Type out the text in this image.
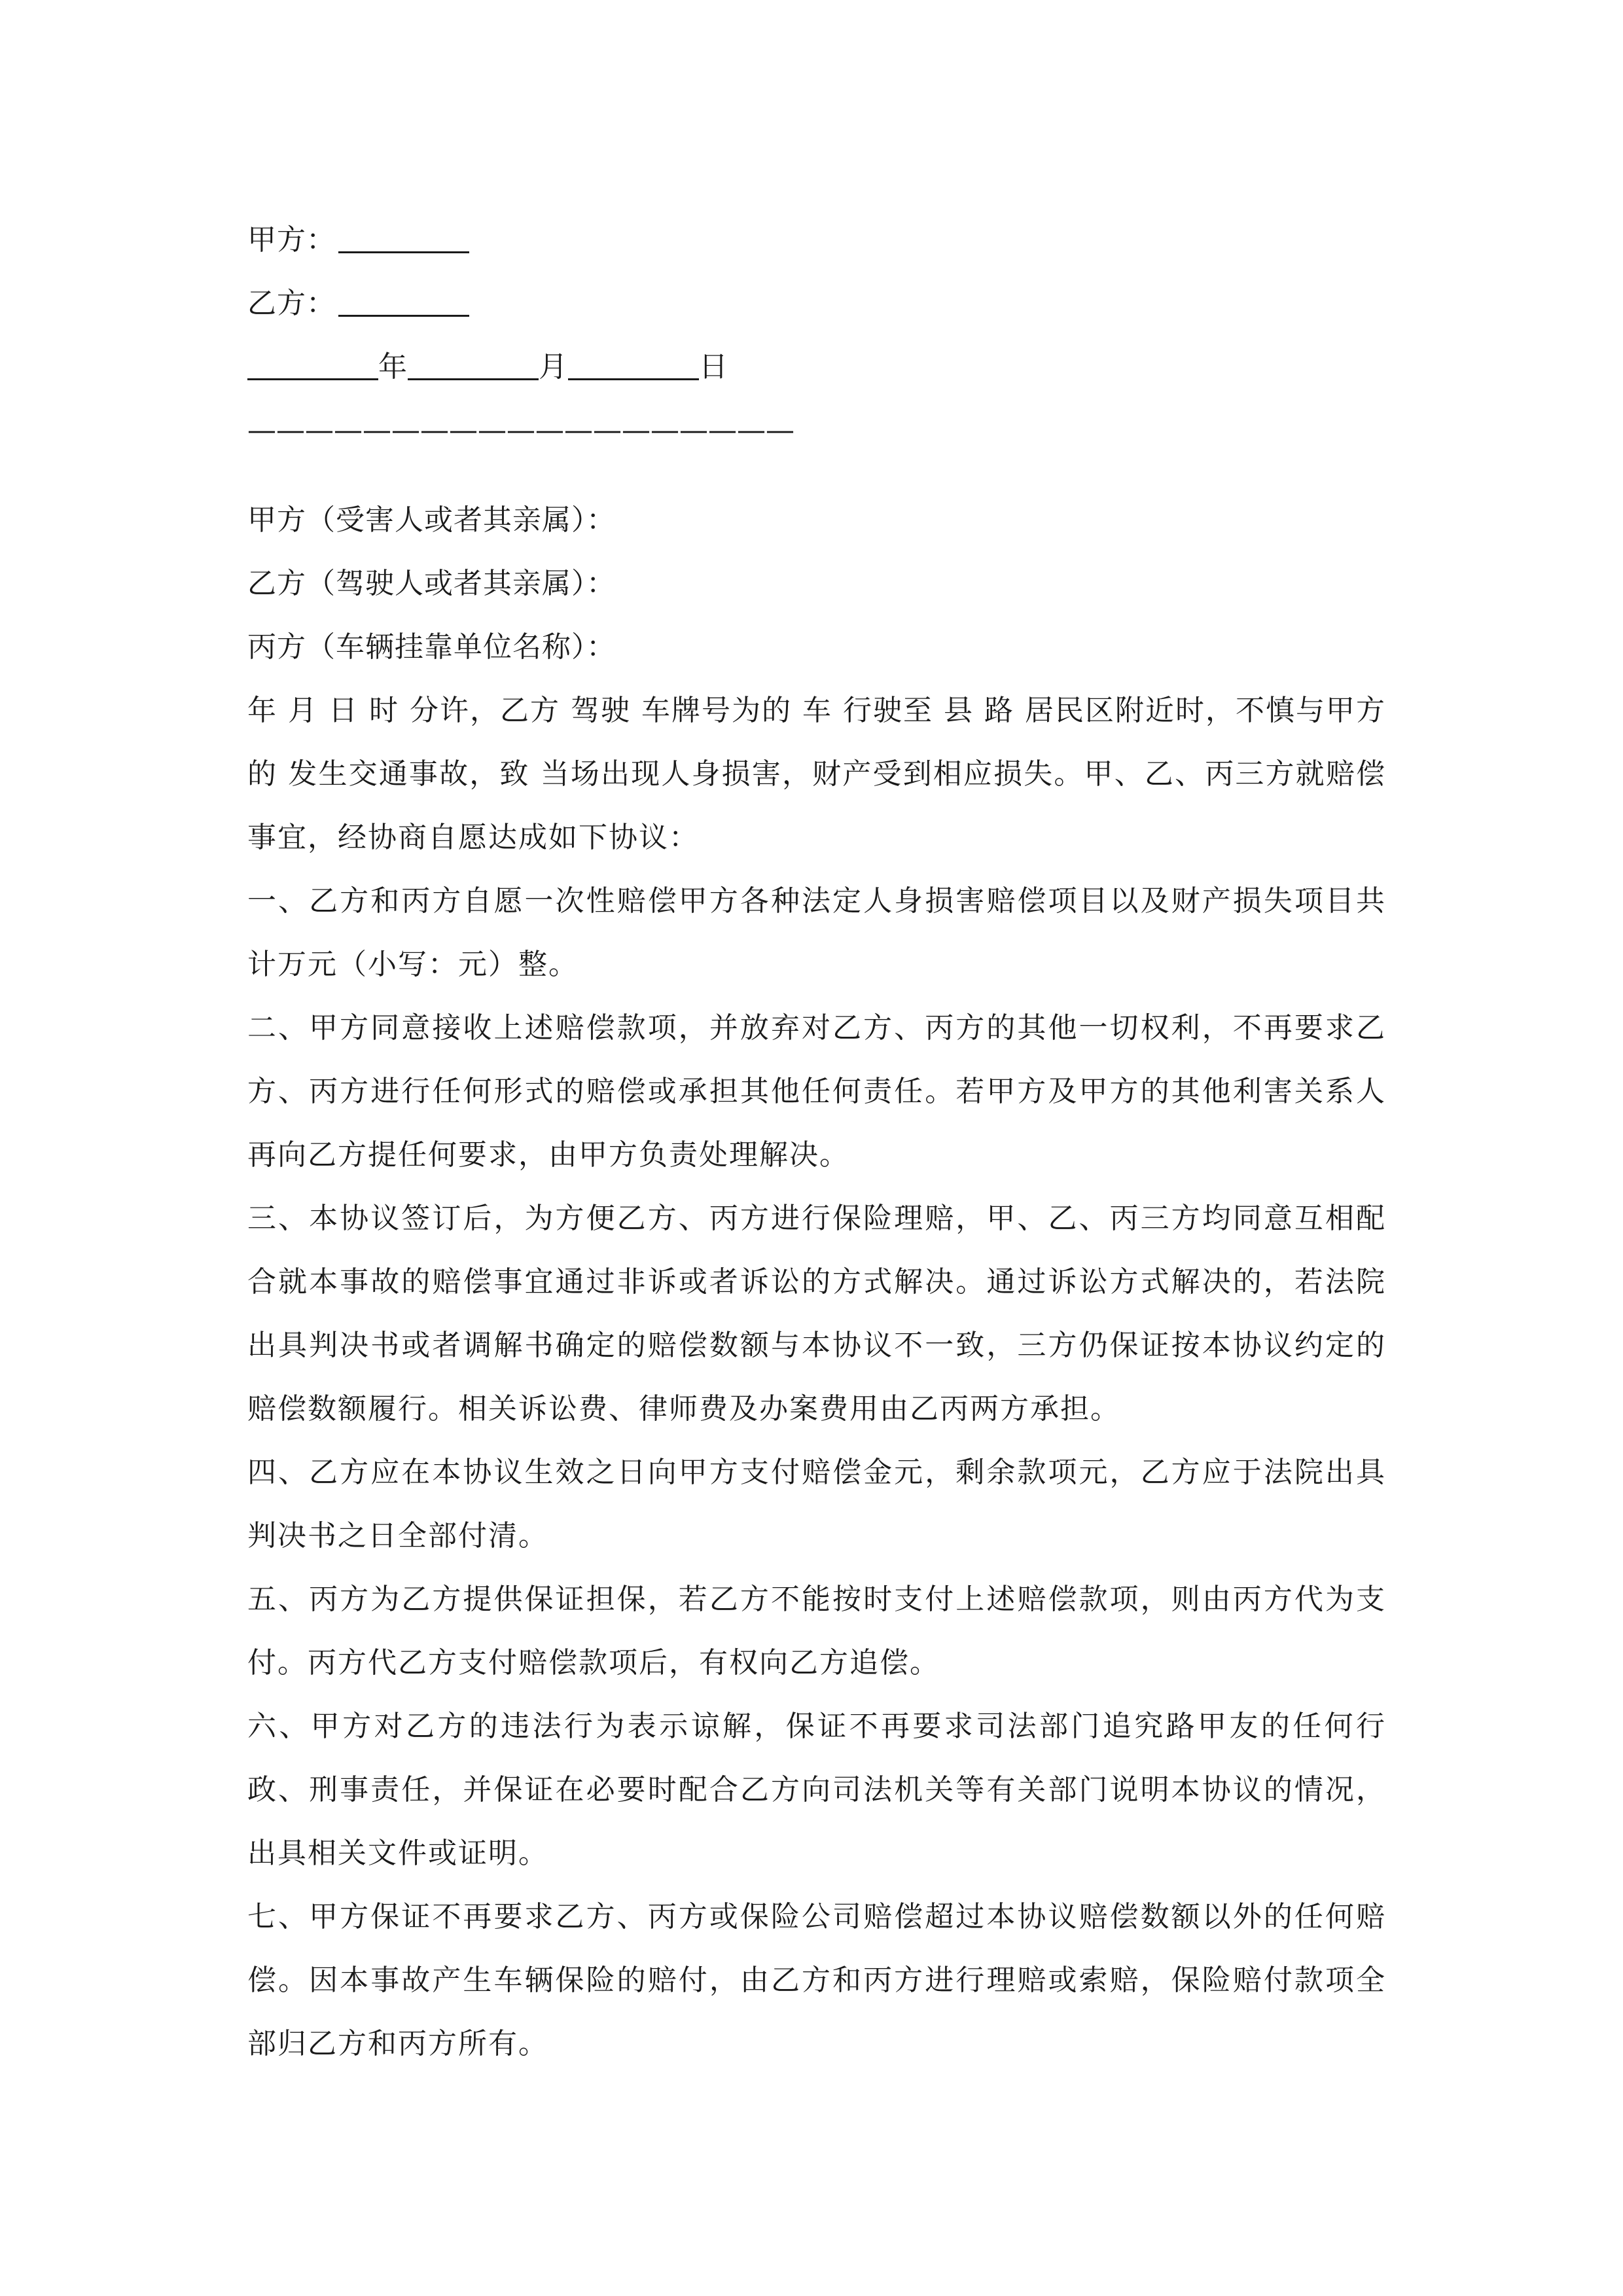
甲方：
乙方：
年	月	日
———————————————————
甲方（受害人或者其亲属）：
乙方（驾驶人或者其亲属）：
丙方（车辆挂靠单位名称）：
年 月 日 时 分许，乙方 驾驶 车牌号为的 车 行驶至 县 路 居民区附近时，不慎与甲方的 发生交通事故，致 当场出现人身损害，财产受到相应损失。甲、乙、丙三方就赔偿事宜，经协商自愿达成如下协议：
一、乙方和丙方自愿一次性赔偿甲方各种法定人身损害赔偿项目以及财产损失项目共计万元（小写：元）整。
二、甲方同意接收上述赔偿款项，并放弃对乙方、丙方的其他一切权利，不再要求乙方、丙方进行任何形式的赔偿或承担其他任何责任。若甲方及甲方的其他利害关系人再向乙方提任何要求，由甲方负责处理解决。
三、本协议签订后，为方便乙方、丙方进行保险理赔，甲、乙、丙三方均同意互相配合就本事故的赔偿事宜通过非诉或者诉讼的方式解决。通过诉讼方式解决的，若法院出具判决书或者调解书确定的赔偿数额与本协议不一致，三方仍保证按本协议约定的赔偿数额履行。相关诉讼费、律师费及办案费用由乙丙两方承担。
四、乙方应在本协议生效之日向甲方支付赔偿金元，剩余款项元，乙方应于法院出具判决书之日全部付清。
五、丙方为乙方提供保证担保，若乙方不能按时支付上述赔偿款项，则由丙方代为支付。丙方代乙方支付赔偿款项后，有权向乙方追偿。
六、甲方对乙方的违法行为表示谅解，保证不再要求司法部门追究路甲友的任何行政、刑事责任，并保证在必要时配合乙方向司法机关等有关部门说明本协议的情况，出具相关文件或证明。
七、甲方保证不再要求乙方、丙方或保险公司赔偿超过本协议赔偿数额以外的任何赔偿。因本事故产生车辆保险的赔付，由乙方和丙方进行理赔或索赔，保险赔付款项全部归乙方和丙方所有。
